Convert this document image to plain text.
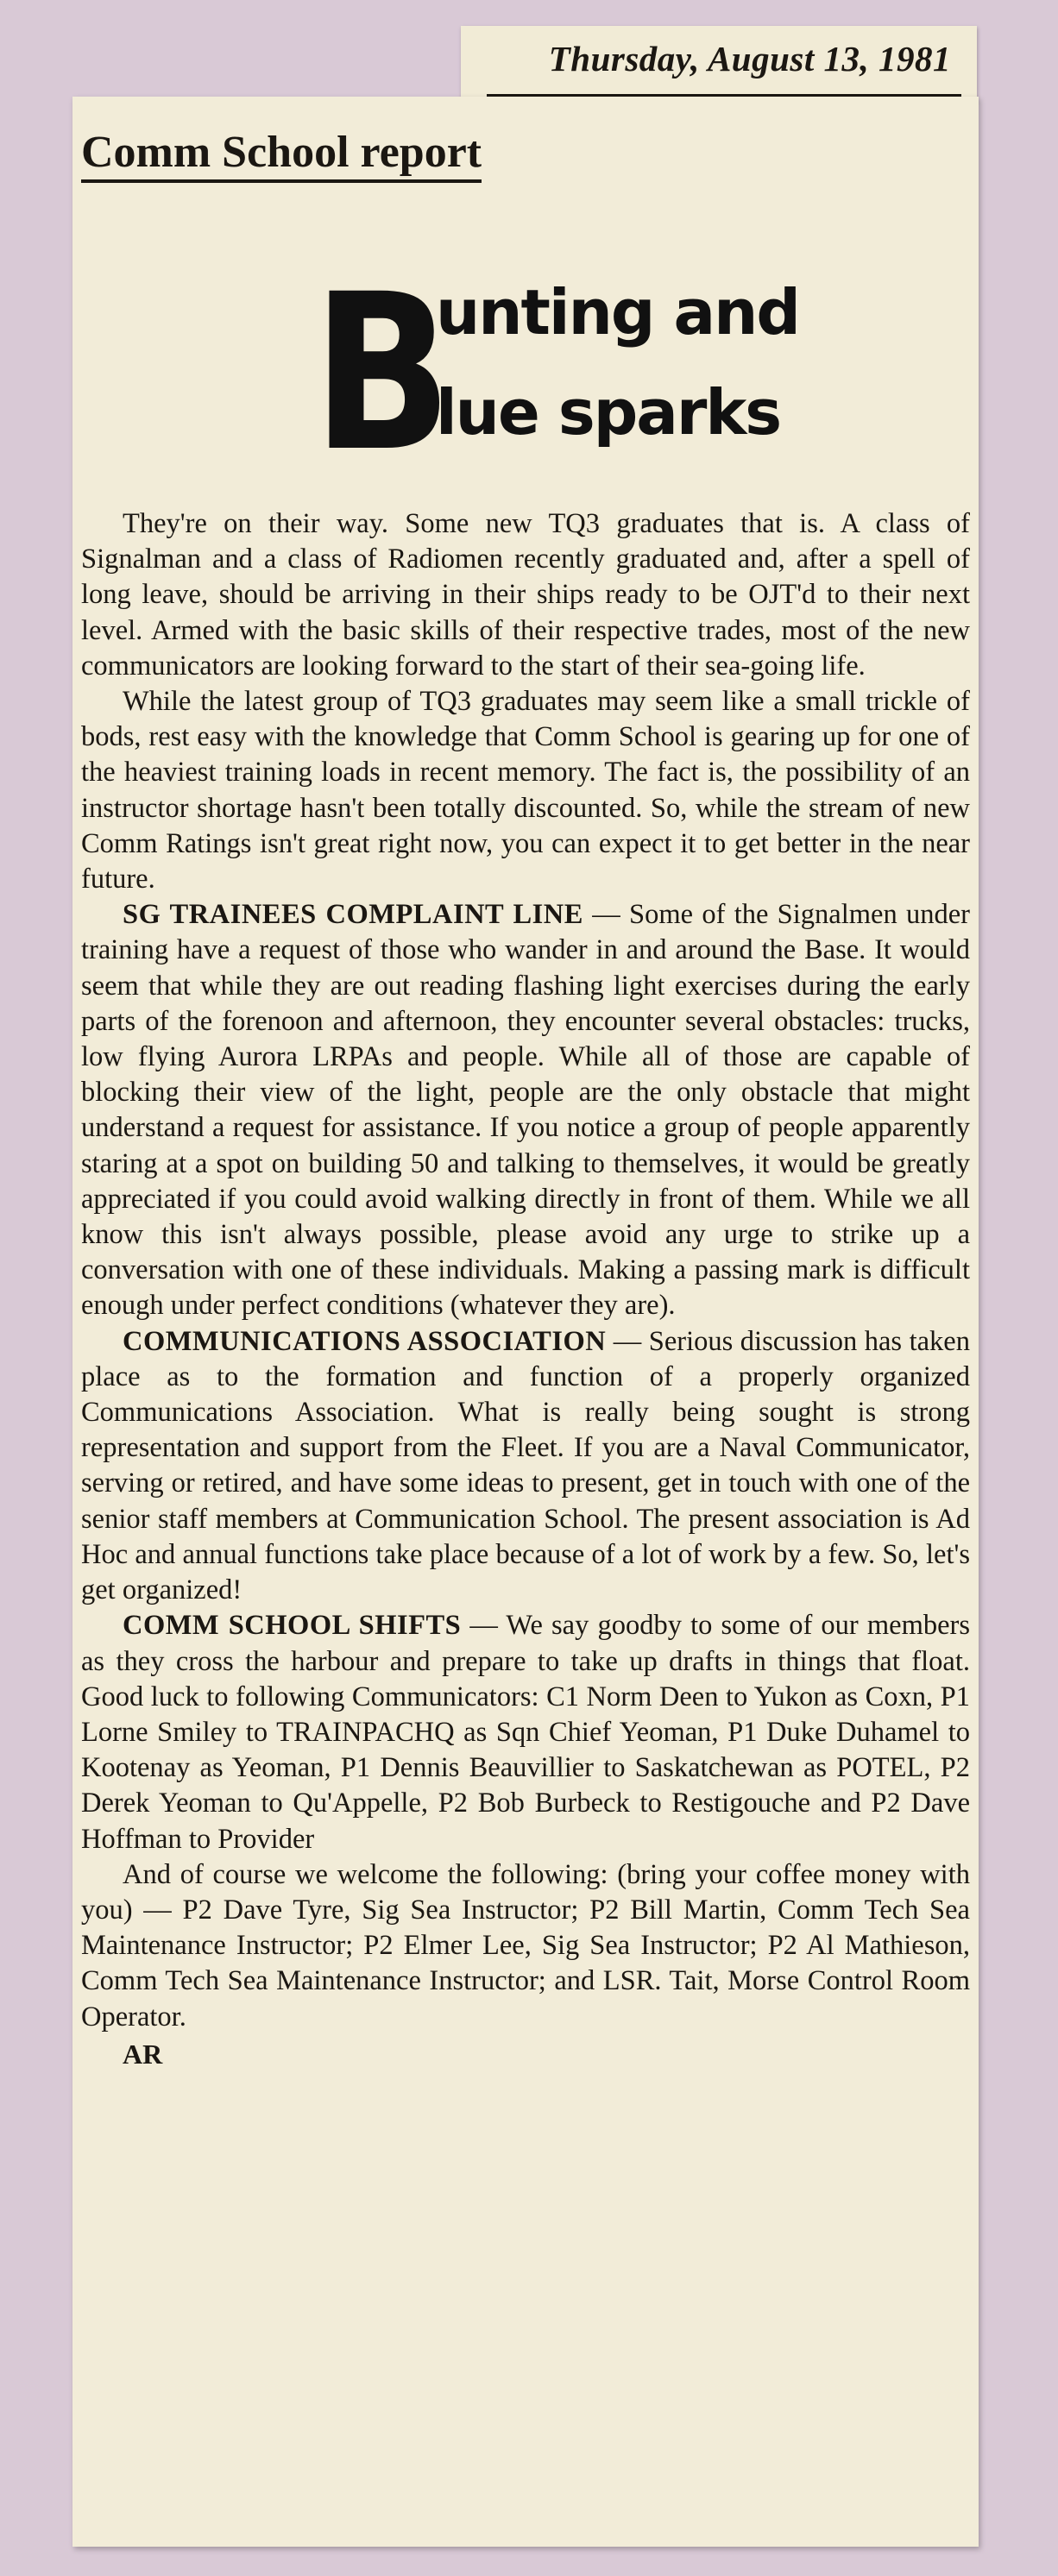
Thursday, August 13, 1981
Comm School report
B
unting and
lue sparks

They're on their way. Some new TQ3 graduates that is. A class of Signalman and a class of Radiomen recently graduated and, after a spell of long leave, should be arriving in their ships ready to be OJT'd to their next level. Armed with the basic skills of their respective trades, most of the new communicators are looking forward to the start of their sea-going life.

While the latest group of TQ3 graduates may seem like a small trickle of bods, rest easy with the knowledge that Comm School is gearing up for one of the heaviest training loads in recent memory. The fact is, the possibility of an instructor shortage hasn't been totally discounted. So, while the stream of new Comm Ratings isn't great right now, you can expect it to get better in the near future.

SG TRAINEES COMPLAINT LINE — Some of the Signalmen under training have a request of those who wander in and around the Base. It would seem that while they are out reading flashing light exercises during the early parts of the forenoon and afternoon, they encounter several obstacles: trucks, low flying Aurora LRPAs and people. While all of those are capable of blocking their view of the light, people are the only obstacle that might understand a request for assistance. If you notice a group of people apparently staring at a spot on building 50 and talking to themselves, it would be greatly appreciated if you could avoid walking directly in front of them. While we all know this isn't always possible, please avoid any urge to strike up a conversation with one of these individuals. Making a passing mark is difficult enough under perfect conditions (whatever they are).

COMMUNICATIONS ASSOCIATION — Serious discussion has taken place as to the formation and function of a properly organized Communications Association. What is really being sought is strong representation and support from the Fleet. If you are a Naval Communicator, serving or retired, and have some ideas to present, get in touch with one of the senior staff members at Communication School. The present association is Ad Hoc and annual functions take place because of a lot of work by a few. So, let's get organized!

COMM SCHOOL SHIFTS — We say goodby to some of our members as they cross the harbour and prepare to take up drafts in things that float. Good luck to following Communicators: C1 Norm Deen to Yukon as Coxn, P1 Lorne Smiley to TRAINPACHQ as Sqn Chief Yeoman, P1 Duke Duhamel to Kootenay as Yeoman, P1 Dennis Beauvillier to Saskatchewan as POTEL, P2 Derek Yeoman to Qu'Appelle, P2 Bob Burbeck to Restigouche and P2 Dave Hoffman to Provider

And of course we welcome the following: (bring your coffee money with you) — P2 Dave Tyre, Sig Sea Instructor; P2 Bill Martin, Comm Tech Sea Maintenance Instructor; P2 Elmer Lee, Sig Sea Instructor; P2 Al Mathieson, Comm Tech Sea Maintenance Instructor; and LSR. Tait, Morse Control Room Operator.

AR
